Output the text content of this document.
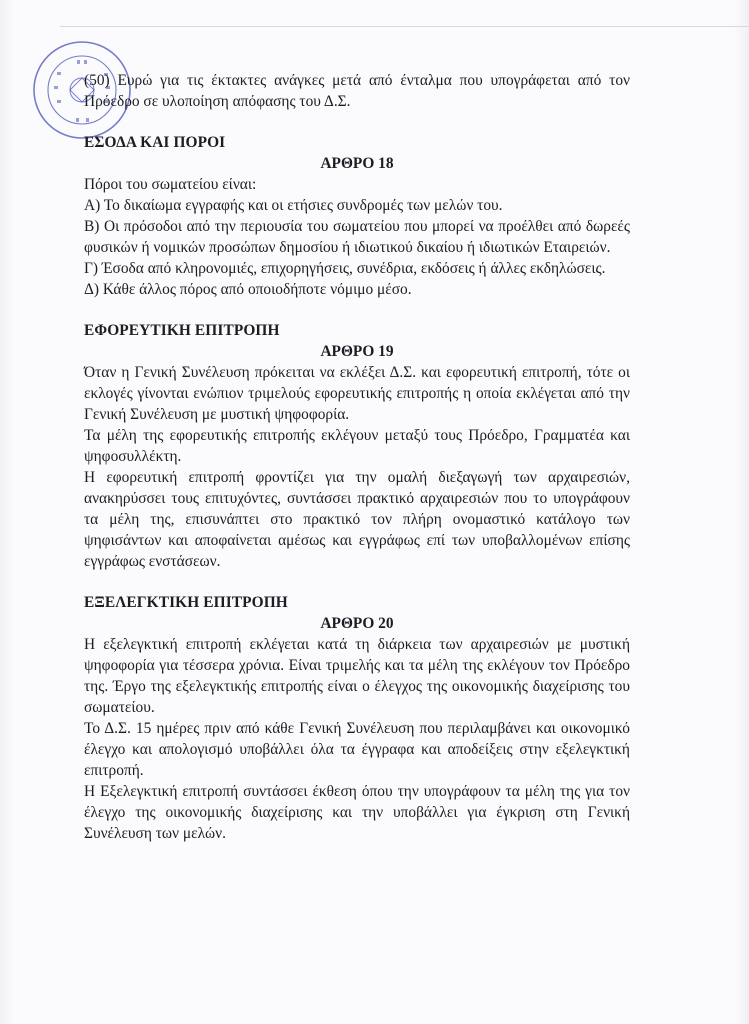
(50) Ευρώ για τις έκτακτες ανάγκες μετά από ένταλμα που υπογράφεται από τον Πρόεδρο σε υλοποίηση απόφασης του Δ.Σ.

ΕΣΟΔΑ ΚΑΙ ΠΟΡΟΙ

ΑΡΘΡΟ 18

Πόροι του σωματείου είναι:

Α) Το δικαίωμα εγγραφής και οι ετήσιες συνδρομές των μελών του.

Β) Οι πρόσοδοι από την περιουσία του σωματείου που μπορεί να προέλθει από δωρεές φυσικών ή νομικών προσώπων δημοσίου ή ιδιωτικού δικαίου ή ιδιωτικών Εταιρειών.

Γ) Έσοδα από κληρονομιές, επιχορηγήσεις, συνέδρια, εκδόσεις ή άλλες εκδηλώσεις.

Δ) Κάθε άλλος πόρος από οποιοδήποτε νόμιμο μέσο.

ΕΦΟΡΕΥΤΙΚΗ ΕΠΙΤΡΟΠΗ

ΑΡΘΡΟ 19

Όταν η Γενική Συνέλευση πρόκειται να εκλέξει Δ.Σ. και εφορευτική επιτροπή, τότε οι εκλογές γίνονται ενώπιον τριμελούς εφορευτικής επιτροπής η οποία εκλέγεται από την Γενική Συνέλευση με μυστική ψηφοφορία.

Τα μέλη της εφορευτικής επιτροπής εκλέγουν μεταξύ τους Πρόεδρο, Γραμματέα και ψηφοσυλλέκτη.

Η εφορευτική επιτροπή φροντίζει για την ομαλή διεξαγωγή των αρχαιρεσιών, ανακηρύσσει τους επιτυχόντες, συντάσσει πρακτικό αρχαιρεσιών που το υπογράφουν τα μέλη της, επισυνάπτει στο πρακτικό τον πλήρη ονομαστικό κατάλογο των ψηφισάντων και αποφαίνεται αμέσως και εγγράφως επί των υποβαλλομένων επίσης εγγράφως ενστάσεων.

ΕΞΕΛΕΓΚΤΙΚΗ ΕΠΙΤΡΟΠΗ

ΑΡΘΡΟ 20

Η εξελεγκτική επιτροπή εκλέγεται κατά τη διάρκεια των αρχαιρεσιών με μυστική ψηφοφορία για τέσσερα χρόνια. Είναι τριμελής και τα μέλη της εκλέγουν τον Πρόεδρο της. Έργο της εξελεγκτικής επιτροπής είναι ο έλεγχος της οικονομικής διαχείρισης του σωματείου.

Το Δ.Σ. 15 ημέρες πριν από κάθε Γενική Συνέλευση που περιλαμβάνει και οικονομικό έλεγχο και απολογισμό υποβάλλει όλα τα έγγραφα και αποδείξεις στην εξελεγκτική επιτροπή.

Η Εξελεγκτική επιτροπή συντάσσει έκθεση όπου την υπογράφουν τα μέλη της για τον έλεγχο της οικονομικής διαχείρισης και την υποβάλλει για έγκριση στη Γενική Συνέλευση των μελών.
